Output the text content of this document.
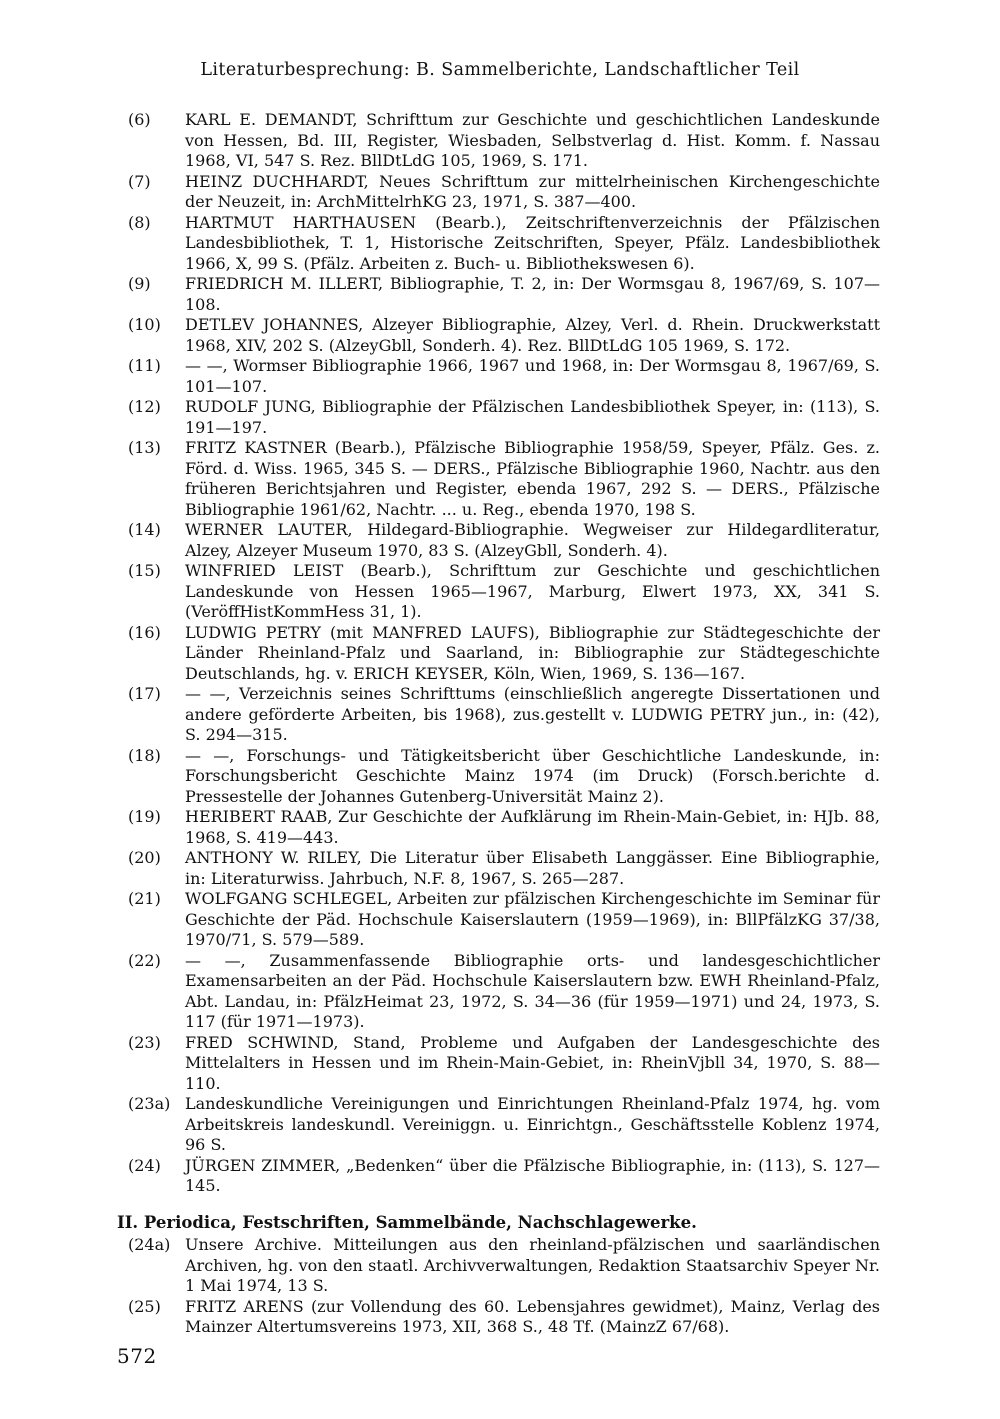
Literaturbesprechung: B. Sammelberichte, Landschaftlicher Teil
(6)	KARL E. DEMANDT, Schrifttum zur Geschichte und geschichtlichen Landeskunde von Hessen, Bd. III, Register, Wiesbaden, Selbstverlag d. Hist. Komm. f. Nassau 1968, VI, 547 S. Rez. BllDtLdG 105, 1969, S. 171.
(7)	HEINZ DUCHHARDT, Neues Schrifttum zur mittelrheinischen Kirchengeschichte der Neuzeit, in: ArchMittelrhKG 23, 1971, S. 387—400.
(8)	HARTMUT HARTHAUSEN (Bearb.), Zeitschriftenverzeichnis der Pfälzischen Landesbibliothek, T. 1, Historische Zeitschriften, Speyer, Pfälz. Landesbibliothek 1966, X, 99 S. (Pfälz. Arbeiten z. Buch- u. Bibliothekswesen 6).
(9)	FRIEDRICH M. ILLERT, Bibliographie, T. 2, in: Der Wormsgau 8, 1967/69, S. 107—108.
(10)	DETLEV JOHANNES, Alzeyer Bibliographie, Alzey, Verl. d. Rhein. Druckwerkstatt 1968, XIV, 202 S. (AlzeyGbll, Sonderh. 4). Rez. BllDtLdG 105 1969, S. 172.
(11)	— —, Wormser Bibliographie 1966, 1967 und 1968, in: Der Wormsgau 8, 1967/69, S. 101—107.
(12)	RUDOLF JUNG, Bibliographie der Pfälzischen Landesbibliothek Speyer, in: (113), S. 191—197.
(13)	FRITZ KASTNER (Bearb.), Pfälzische Bibliographie 1958/59, Speyer, Pfälz. Ges. z. Förd. d. Wiss. 1965, 345 S. — DERS., Pfälzische Bibliographie 1960, Nachtr. aus den früheren Berichtsjahren und Register, ebenda 1967, 292 S. — DERS., Pfälzische Bibliographie 1961/62, Nachtr. ... u. Reg., ebenda 1970, 198 S.
(14)	WERNER LAUTER, Hildegard-Bibliographie. Wegweiser zur Hildegardliteratur, Alzey, Alzeyer Museum 1970, 83 S. (AlzeyGbll, Sonderh. 4).
(15)	WINFRIED LEIST (Bearb.), Schrifttum zur Geschichte und geschichtlichen Landeskunde von Hessen 1965—1967, Marburg, Elwert 1973, XX, 341 S. (VeröffHistKommHess 31, 1).
(16)	LUDWIG PETRY (mit MANFRED LAUFS), Bibliographie zur Städtegeschichte der Länder Rheinland-Pfalz und Saarland, in: Bibliographie zur Städtegeschichte Deutschlands, hg. v. ERICH KEYSER, Köln, Wien, 1969, S. 136—167.
(17)	— —, Verzeichnis seines Schrifttums (einschließlich angeregte Dissertationen und andere geförderte Arbeiten, bis 1968), zus.gestellt v. LUDWIG PETRY jun., in: (42), S. 294—315.
(18)	— —, Forschungs- und Tätigkeitsbericht über Geschichtliche Landeskunde, in: Forschungsbericht Geschichte Mainz 1974 (im Druck) (Forsch.berichte d. Pressestelle der Johannes Gutenberg-Universität Mainz 2).
(19)	HERIBERT RAAB, Zur Geschichte der Aufklärung im Rhein-Main-Gebiet, in: HJb. 88, 1968, S. 419—443.
(20)	ANTHONY W. RILEY, Die Literatur über Elisabeth Langgässer. Eine Bibliographie, in: Literaturwiss. Jahrbuch, N.F. 8, 1967, S. 265—287.
(21)	WOLFGANG SCHLEGEL, Arbeiten zur pfälzischen Kirchengeschichte im Seminar für Geschichte der Päd. Hochschule Kaiserslautern (1959—1969), in: BllPfälzKG 37/38, 1970/71, S. 579—589.
(22)	— —, Zusammenfassende Bibliographie orts- und landesgeschichtlicher Examensarbeiten an der Päd. Hochschule Kaiserslautern bzw. EWH Rheinland-Pfalz, Abt. Landau, in: PfälzHeimat 23, 1972, S. 34—36 (für 1959—1971) und 24, 1973, S. 117 (für 1971—1973).
(23)	FRED SCHWIND, Stand, Probleme und Aufgaben der Landesgeschichte des Mittelalters in Hessen und im Rhein-Main-Gebiet, in: RheinVjbll 34, 1970, S. 88—110.
(23a) Landeskundliche Vereinigungen und Einrichtungen Rheinland-Pfalz 1974, hg. vom Arbeitskreis landeskundl. Vereiniggn. u. Einrichtgn., Geschäftsstelle Koblenz 1974, 96 S.
(24)	JÜRGEN ZIMMER, „Bedenken“ über die Pfälzische Bibliographie, in: (113), S. 127—145.
II. Periodica, Festschriften, Sammelbände, Nachschlagewerke.
(24a) Unsere Archive. Mitteilungen aus den rheinland-pfälzischen und saarländischen Archiven, hg. von den staatl. Archivverwaltungen, Redaktion Staatsarchiv Speyer Nr. 1 Mai 1974, 13 S.
(25)	FRITZ ARENS (zur Vollendung des 60. Lebensjahres gewidmet), Mainz, Verlag des Mainzer Altertumsvereins 1973, XII, 368 S., 48 Tf. (MainzZ 67/68).
572
